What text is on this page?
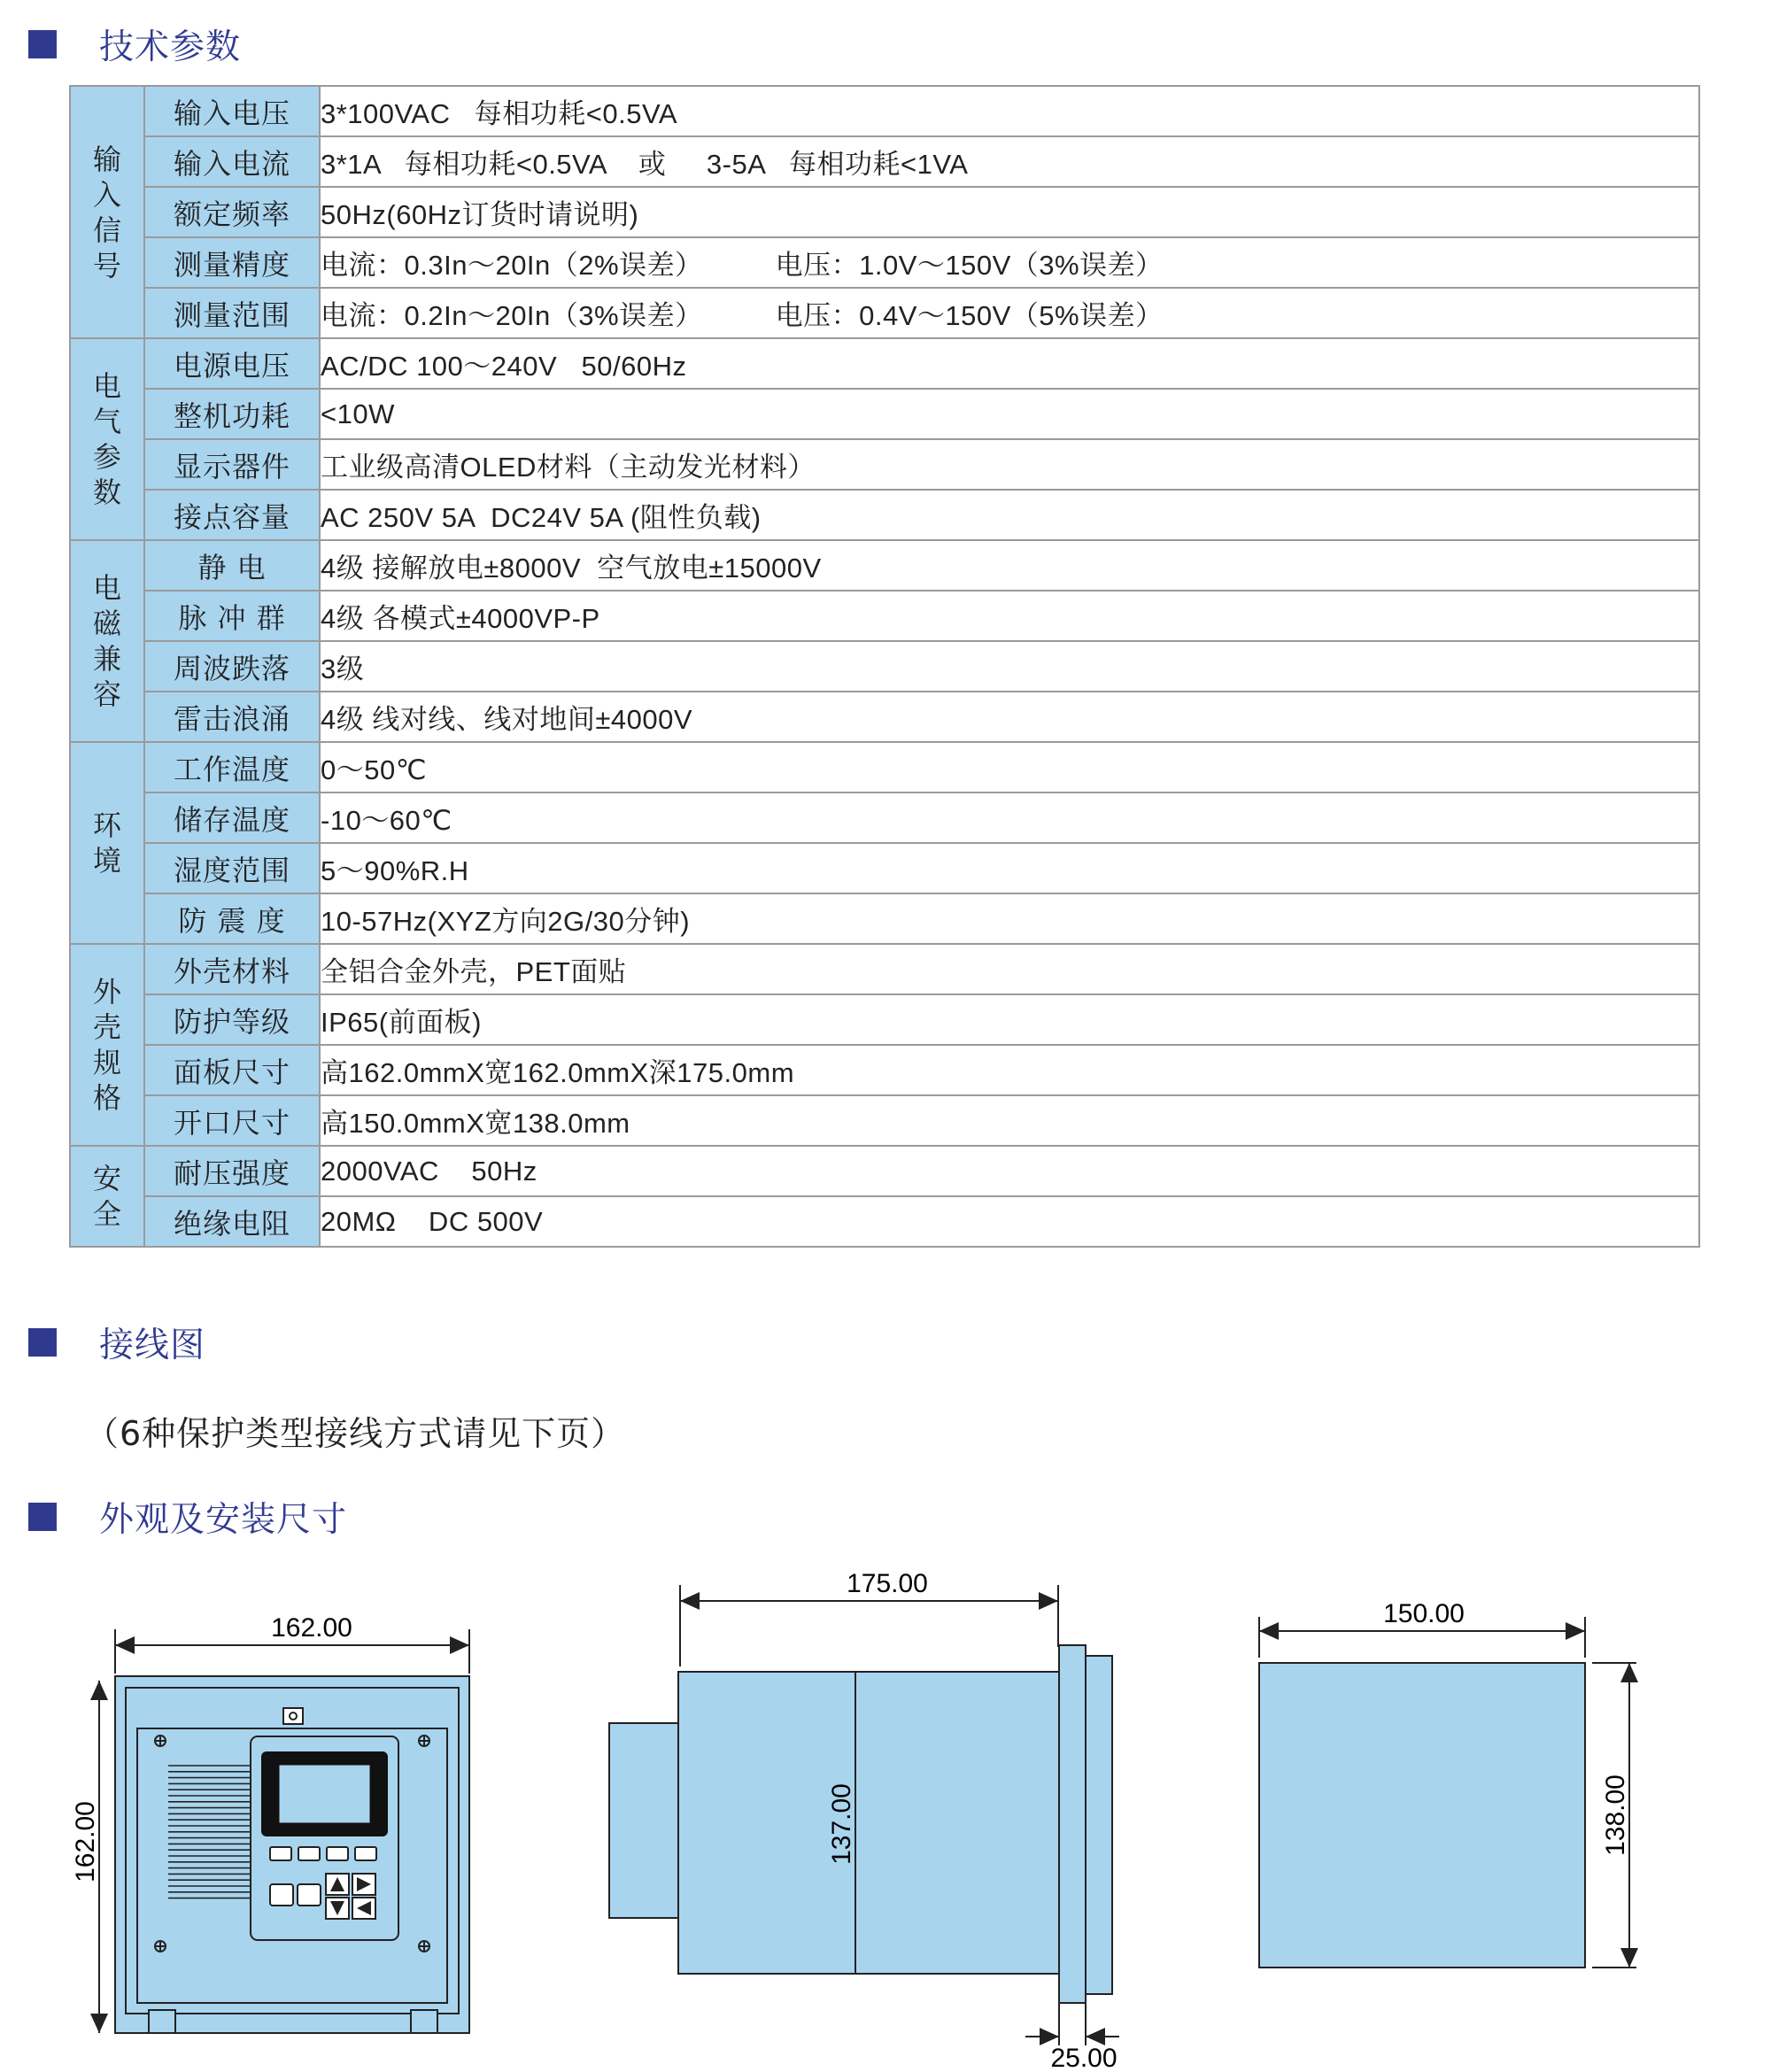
技术参数
输入信号	输入电压	3*100VAC   每相功耗<0.5VA
	输入电流	3*1A   每相功耗<0.5VA    或     3-5A   每相功耗<1VA
	额定频率	50Hz(60Hz订货时请说明)
	测量精度	电流：0.3In～20In（2%误差）         电压：1.0V～150V（3%误差）
	测量范围	电流：0.2In～20In（3%误差）         电压：0.4V～150V（5%误差）
电气参数	电源电压	AC/DC 100～240V   50/60Hz
	整机功耗	<10W
	显示器件	工业级高清OLED材料（主动发光材料）
	接点容量	AC 250V 5A  DC24V 5A (阻性负载)
电磁兼容	静 电	4级 接解放电±8000V  空气放电±15000V
	脉 冲 群	4级 各模式±4000VP-P
	周波跌落	3级
	雷击浪涌	4级 线对线、线对地间±4000V
环境	工作温度	0～50℃
	储存温度	-10～60℃
	湿度范围	5～90%R.H
	防 震 度	10-57Hz(XYZ方向2G/30分钟)
外壳规格	外壳材料	全铝合金外壳，PET面贴
	防护等级	IP65(前面板)
	面板尺寸	高162.0mmX宽162.0mmX深175.0mm
	开口尺寸	高150.0mmX宽138.0mm
安全	耐压强度	2000VAC    50Hz
	绝缘电阻	20MΩ    DC 500V
接线图
（6种保护类型接线方式请见下页）
外观及安装尺寸
162.00
162.00
175.00
137.00
25.00
150.00
138.00
